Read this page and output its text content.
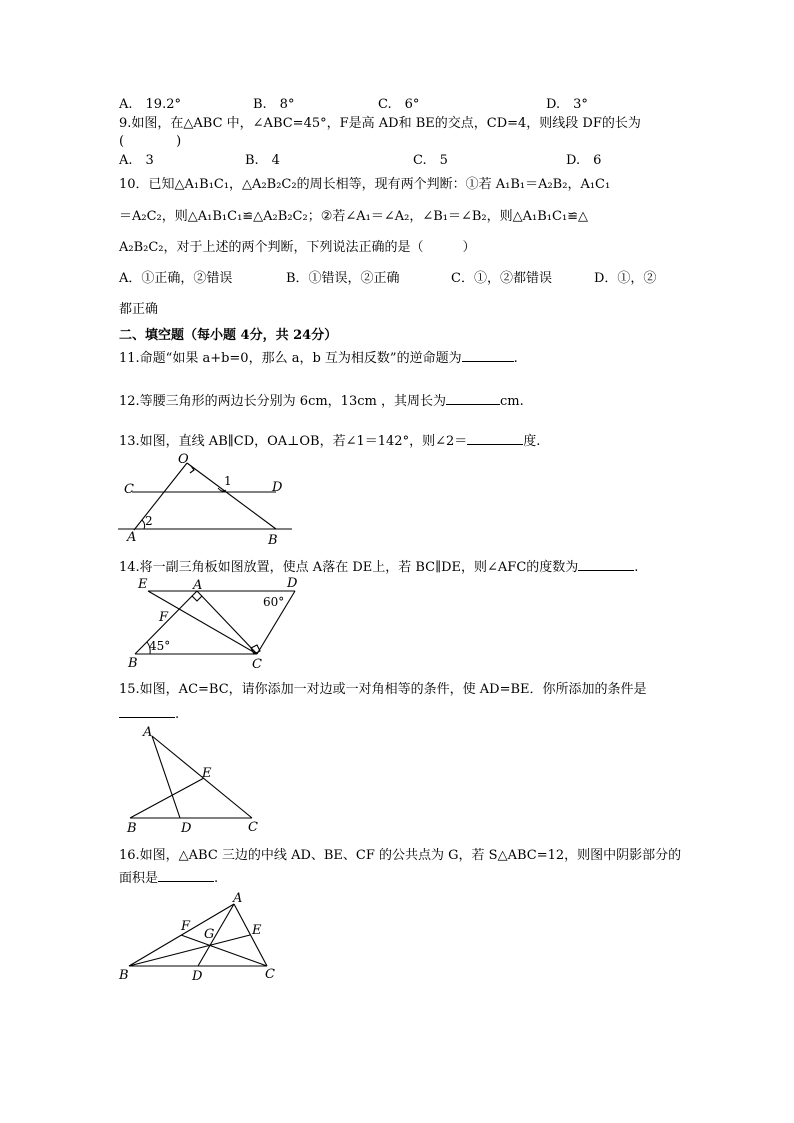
A.　19.2°	B.　8°	C.　6°	D.　3°
9.如图，在△ABC 中，∠ABC=45°，F是高 AD和 BE的交点，CD=4，则线段 DF的长为
(　　　　)
A.　3	B.　4	C.　5	D.　6
10．已知△A₁B₁C₁，△A₂B₂C₂的周长相等，现有两个判断：①若 A₁B₁＝A₂B₂，A₁C₁
＝A₂C₂，则△A₁B₁C₁≌△A₂B₂C₂；②若∠A₁＝∠A₂，∠B₁＝∠B₂，则△A₁B₁C₁≌△
A₂B₂C₂，对于上述的两个判断，下列说法正确的是（　　　）
A．①正确，②错误	B．①错误，②正确	C．①，②都错误	D．①，②
都正确
二、填空题（每小题 4分，共 24分）
11.命题“如果 a+b=0，那么 a，b 互为相反数”的逆命题为	.
12.等腰三角形的两边长分别为 6cm，13cm ，其周长为	cm.
13.如图，直线 AB∥CD，OA⊥OB，若∠1＝142°，则∠2＝	度.
O
C	D
A	B
1
2
14.将一副三角板如图放置，使点 A落在 DE上，若 BC∥DE，则∠AFC的度数为	.
E	A	D
F
B	C
60°
45°
15.如图，AC=BC，请你添加一对边或一对角相等的条件，使 AD=BE．你所添加的条件是
.
A
E
B	D	C
16.如图，△ABC 三边的中线 AD、BE、CF 的公共点为 G，若 S△ABC=12，则图中阴影部分的
面积是	.
A
F
G	E
B	D	C
